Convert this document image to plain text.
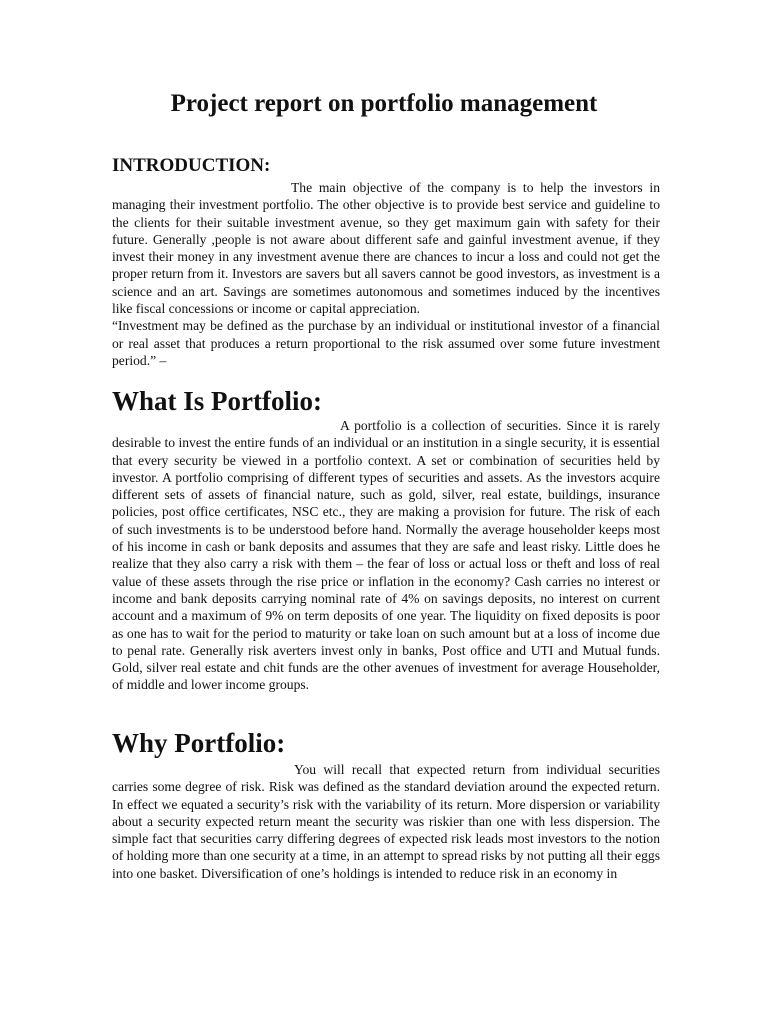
Project report on portfolio management
INTRODUCTION:

The main objective of the company is to help the investors in managing their investment portfolio. The other objective is to provide best service and guideline to the clients for their suitable investment avenue, so they get maximum gain with safety for their future. Generally ,people is not aware about different safe and gainful investment avenue, if they invest their money in any investment avenue there are chances to incur a loss and could not get the proper return from it. Investors are savers but all savers cannot be good investors, as investment is a science and an art. Savings are sometimes autonomous and sometimes induced by the incentives like fiscal concessions or income or capital appreciation.

“Investment may be defined as the purchase by an individual or institutional investor of a financial or real asset that produces a return proportional to the risk assumed over some future investment period.” –

What Is Portfolio:

A portfolio is a collection of securities. Since it is rarely desirable to invest the entire funds of an individual or an institution in a single security, it is essential that every security be viewed in a portfolio context. A set or combination of securities held by investor. A portfolio comprising of different types of securities and assets. As the investors acquire different sets of assets of financial nature, such as gold, silver, real estate, buildings, insurance policies, post office certificates, NSC etc., they are making a provision for future. The risk of each of such investments is to be understood before hand. Normally the average householder keeps most of his income in cash or bank deposits and assumes that they are safe and least risky. Little does he realize that they also carry a risk with them – the fear of loss or actual loss or theft and loss of real value of these assets through the rise price or inflation in the economy? Cash carries no interest or income and bank deposits carrying nominal rate of 4% on savings deposits, no interest on current account and a maximum of 9% on term deposits of one year. The liquidity on fixed deposits is poor as one has to wait for the period to maturity or take loan on such amount but at a loss of income due to penal rate. Generally risk averters invest only in banks, Post office and UTI and Mutual funds. Gold, silver real estate and chit funds are the other avenues of investment for average Householder, of middle and lower income groups.

Why Portfolio:

You will recall that expected return from individual securities carries some degree of risk. Risk was defined as the standard deviation around the expected return. In effect we equated a security’s risk with the variability of its return. More dispersion or variability about a security expected return meant the security was riskier than one with less dispersion. The simple fact that securities carry differing degrees of expected risk leads most investors to the notion of holding more than one security at a time, in an attempt to spread risks by not putting all their eggs into one basket. Diversification of one’s holdings is intended to reduce risk in an economy in
